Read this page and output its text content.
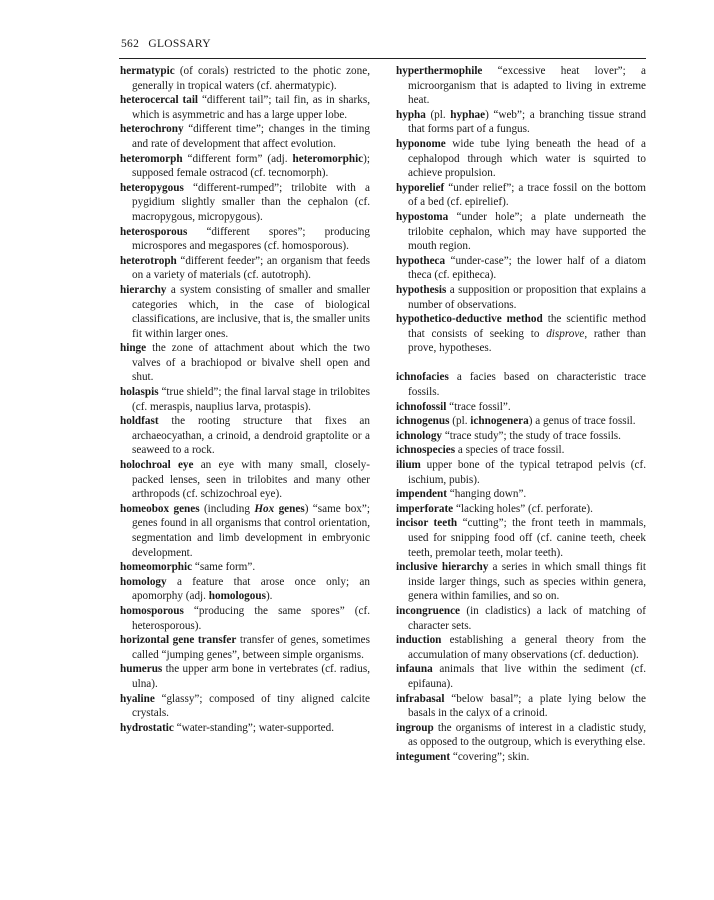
562 GLOSSARY

hermatypic (of corals) restricted to the photic zone, generally in tropical waters (cf. ahermatypic).

heterocercal tail “different tail”; tail fin, as in sharks, which is asymmetric and has a large upper lobe.

heterochrony “different time”; changes in the timing and rate of development that affect evolution.

heteromorph “different form” (adj. heteromorphic); supposed female ostracod (cf. tecnomorph).

heteropygous “different-rumped”; trilobite with a pygidium slightly smaller than the cephalon (cf. macropygous, micropygous).

heterosporous “different spores”; producing microspores and megaspores (cf. homosporous).

heterotroph “different feeder”; an organism that feeds on a variety of materials (cf. autotroph).

hierarchy a system consisting of smaller and smaller categories which, in the case of biological classifications, are inclusive, that is, the smaller units fit within larger ones.

hinge the zone of attachment about which the two valves of a brachiopod or bivalve shell open and shut.

holaspis “true shield”; the final larval stage in trilobites (cf. meraspis, nauplius larva, protaspis).

holdfast the rooting structure that fixes an archaeocyathan, a crinoid, a dendroid graptolite or a seaweed to a rock.

holochroal eye an eye with many small, closely-packed lenses, seen in trilobites and many other arthropods (cf. schizochroal eye).

homeobox genes (including Hox genes) “same box”; genes found in all organisms that control orientation, segmentation and limb development in embryonic development.

homeomorphic “same form”.

homology a feature that arose once only; an apomorphy (adj. homologous).

homosporous “producing the same spores” (cf. heterosporous).

horizontal gene transfer transfer of genes, sometimes called “jumping genes”, between simple organisms.

humerus the upper arm bone in vertebrates (cf. radius, ulna).

hyaline “glassy”; composed of tiny aligned calcite crystals.

hydrostatic “water-standing”; water-supported.

hyperthermophile “excessive heat lover”; a microorganism that is adapted to living in extreme heat.

hypha (pl. hyphae) “web”; a branching tissue strand that forms part of a fungus.

hyponome wide tube lying beneath the head of a cephalopod through which water is squirted to achieve propulsion.

hyporelief “under relief”; a trace fossil on the bottom of a bed (cf. epirelief).

hypostoma “under hole”; a plate underneath the trilobite cephalon, which may have supported the mouth region.

hypotheca “under-case”; the lower half of a diatom theca (cf. epitheca).

hypothesis a supposition or proposition that explains a number of observations.

hypothetico-deductive method the scientific method that consists of seeking to disprove, rather than prove, hypotheses.

ichnofacies a facies based on characteristic trace fossils.

ichnofossil “trace fossil”.

ichnogenus (pl. ichnogenera) a genus of trace fossil.

ichnology “trace study”; the study of trace fossils.

ichnospecies a species of trace fossil.

ilium upper bone of the typical tetrapod pelvis (cf. ischium, pubis).

impendent “hanging down”.

imperforate “lacking holes” (cf. perforate).

incisor teeth “cutting”; the front teeth in mammals, used for snipping food off (cf. canine teeth, cheek teeth, premolar teeth, molar teeth).

inclusive hierarchy a series in which small things fit inside larger things, such as species within genera, genera within families, and so on.

incongruence (in cladistics) a lack of matching of character sets.

induction establishing a general theory from the accumulation of many observations (cf. deduction).

infauna animals that live within the sediment (cf. epifauna).

infrabasal “below basal”; a plate lying below the basals in the calyx of a crinoid.

ingroup the organisms of interest in a cladistic study, as opposed to the outgroup, which is everything else.

integument “covering”; skin.
